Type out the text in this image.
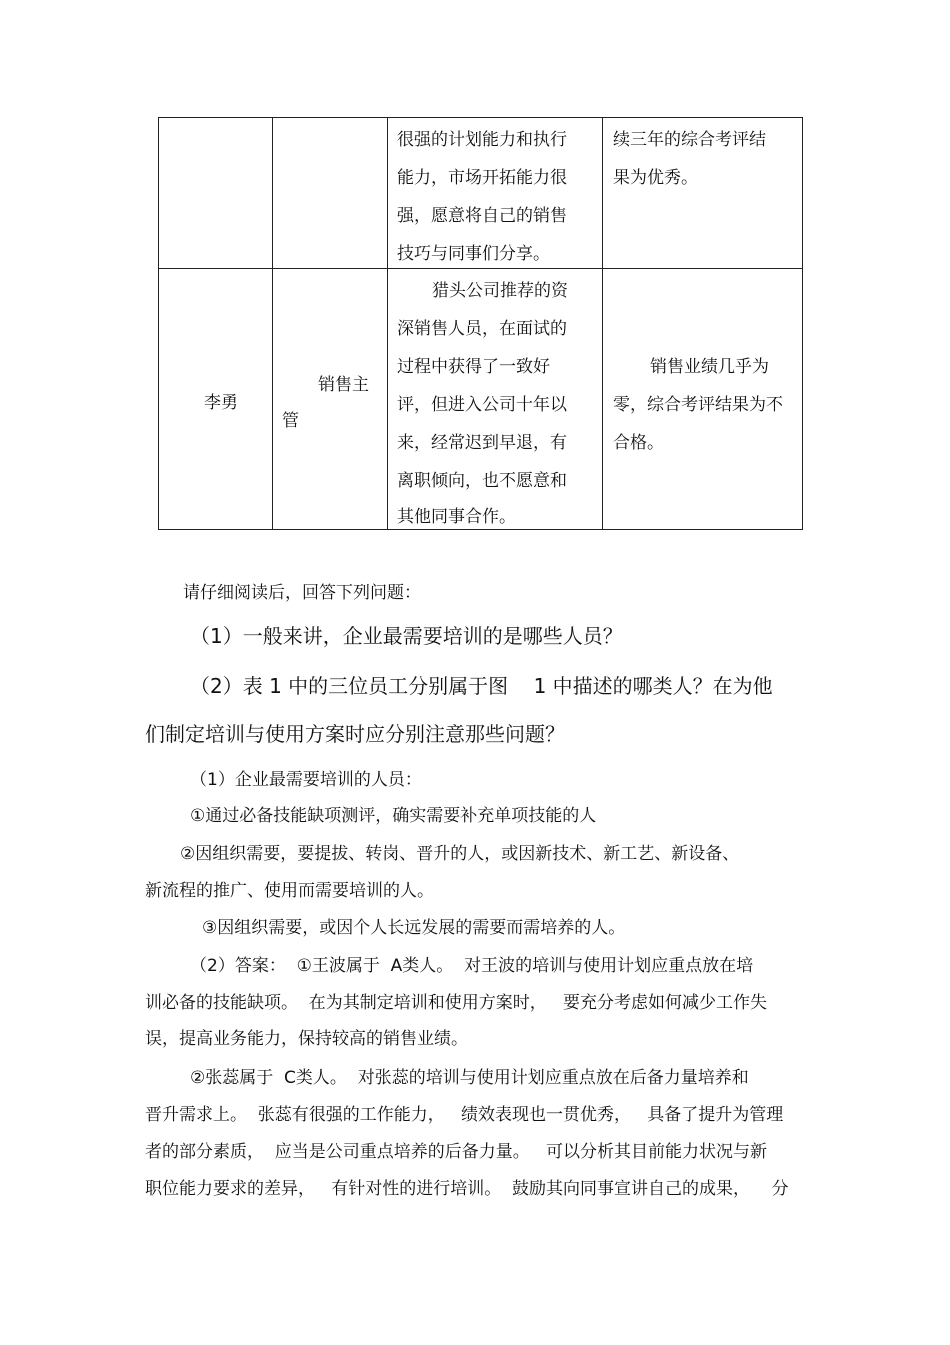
很强的计划能力和执行
能力，市场开拓能力很
强，愿意将自己的销售
技巧与同事们分享。
续三年的综合考评结
果为优秀。
李勇
销售主
管
猎头公司推荐的资
深销售人员，在面试的
过程中获得了一致好
评，但进入公司十年以
来，经常迟到早退，有
离职倾向，也不愿意和
其他同事合作。
销售业绩几乎为
零，综合考评结果为不
合格。
请仔细阅读后，回答下列问题：
（1）一般来讲，企业最需要培训的是哪些人员？
（2）表 1 中的三位员工分别属于图    1 中描述的哪类人？在为他
们制定培训与使用方案时应分别注意那些问题？
（1）企业最需要培训的人员：
①通过必备技能缺项测评，确实需要补充单项技能的人
②因组织需要，要提拔、转岗、晋升的人，或因新技术、新工艺、新设备、
新流程的推广、使用而需要培训的人。
③因组织需要，或因个人长远发展的需要而需培养的人。
（2）答案：  ①王波属于  A类人。  对王波的培训与使用计划应重点放在培
训必备的技能缺项。  在为其制定培训和使用方案时，   要充分考虑如何减少工作失
误，提高业务能力，保持较高的销售业绩。
②张蕊属于  C类人。  对张蕊的培训与使用计划应重点放在后备力量培养和
晋升需求上。  张蕊有很强的工作能力，   绩效表现也一贯优秀，   具备了提升为管理
者的部分素质，  应当是公司重点培养的后备力量。   可以分析其目前能力状况与新
职位能力要求的差异，   有针对性的进行培训。  鼓励其向同事宣讲自己的成果，    分
